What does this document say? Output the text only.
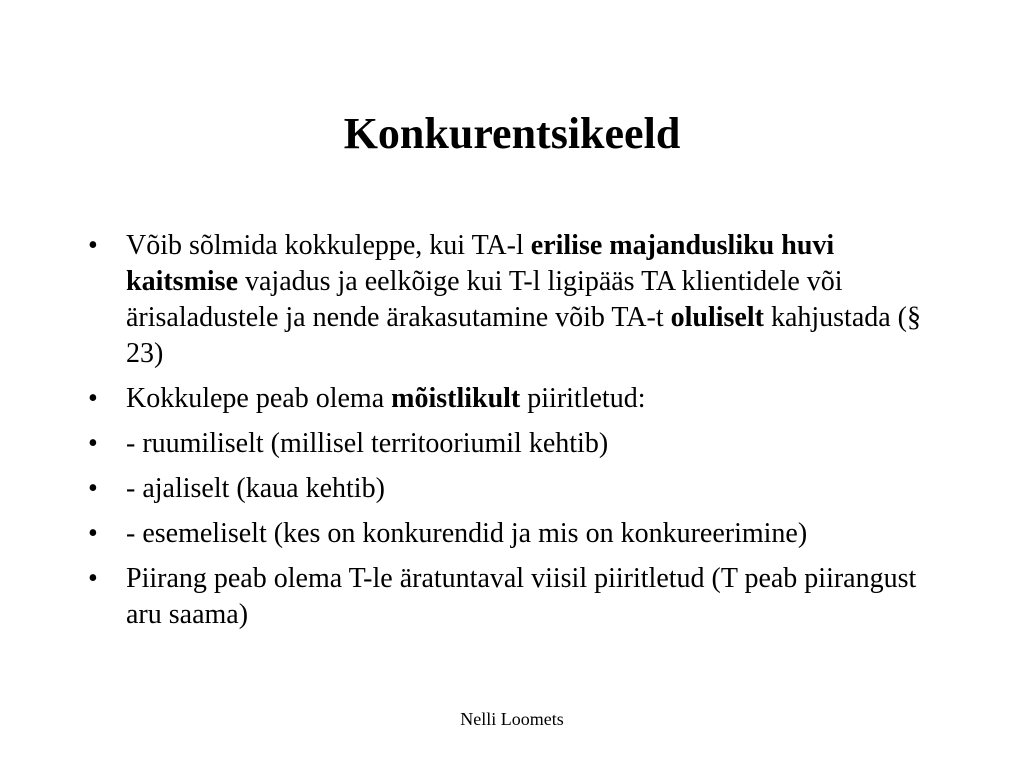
Konkurentsikeeld
• Võib sõlmida kokkuleppe, kui TA-l erilise majandusliku huvi kaitsmise vajadus ja eelkõige kui T-l ligipääs TA klientidele või ärisaladustele ja nende ärakasutamine võib TA-t oluliselt kahjustada (§ 23)
• Kokkulepe peab olema mõistlikult piiritletud:
• - ruumiliselt (millisel territooriumil kehtib)
• - ajaliselt (kaua kehtib)
• - esemeliselt (kes on konkurendid ja mis on konkureerimine)
• Piirang peab olema T-le äratuntaval viisil piiritletud (T peab piirangust aru saama)
Nelli Loomets
